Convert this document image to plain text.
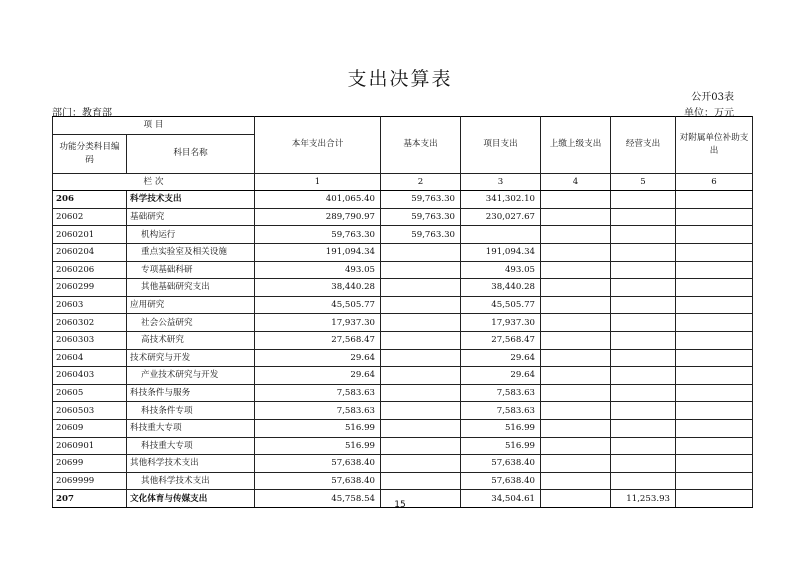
支出决算表
公开03表
部门：教育部	单位：万元
项 目		本年支出合计	基本支出	项目支出	上缴上级支出	经营支出	对附属单位补助支出
功能分类科目编码	科目名称						
栏 次		1	2	3	4	5	6
206	科学技术支出	401,065.40	59,763.30	341,302.10			
20602	基础研究	289,790.97	59,763.30	230,027.67			
2060201	机构运行	59,763.30	59,763.30				
2060204	重点实验室及相关设施	191,094.34		191,094.34			
2060206	专项基础科研	493.05		493.05			
2060299	其他基础研究支出	38,440.28		38,440.28			
20603	应用研究	45,505.77		45,505.77			
2060302	社会公益研究	17,937.30		17,937.30			
2060303	高技术研究	27,568.47		27,568.47			
20604	技术研究与开发	29.64		29.64			
2060403	产业技术研究与开发	29.64		29.64			
20605	科技条件与服务	7,583.63		7,583.63			
2060503	科技条件专项	7,583.63		7,583.63			
20609	科技重大专项	516.99		516.99			
2060901	科技重大专项	516.99		516.99			
20699	其他科学技术支出	57,638.40		57,638.40			
2069999	其他科学技术支出	57,638.40		57,638.40			
207	文化体育与传媒支出	45,758.54		34,504.61		11,253.93	
15
